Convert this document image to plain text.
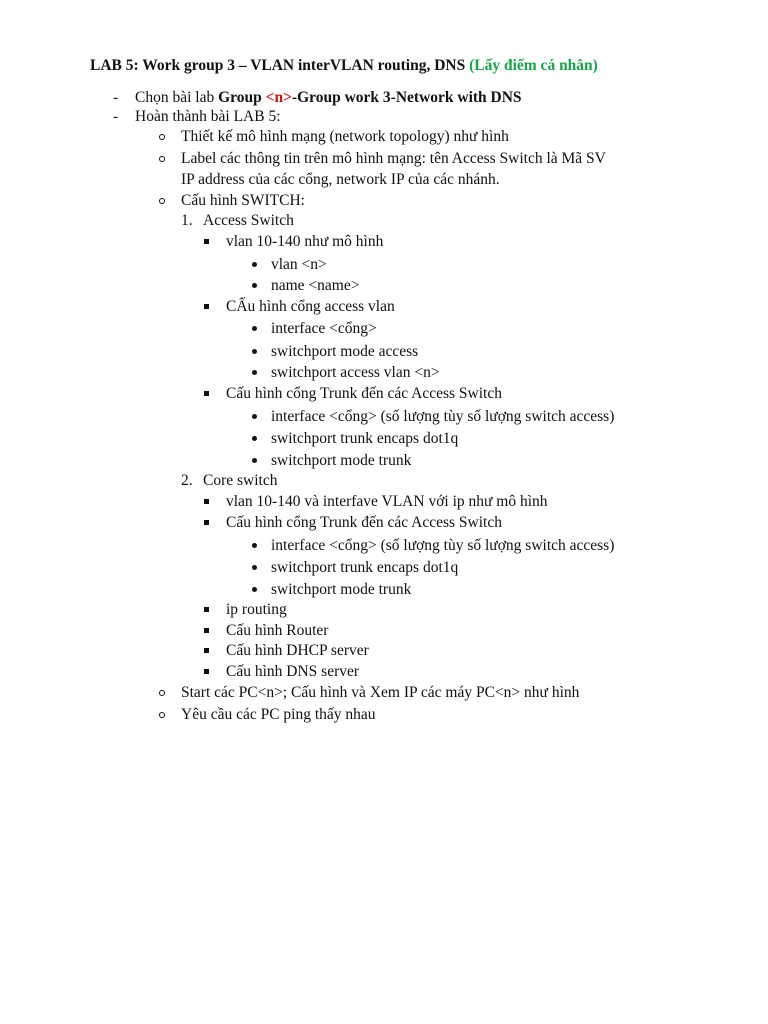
LAB 5: Work group 3 – VLAN interVLAN routing, DNS (Lấy điểm cá nhân)
- Chọn bài lab Group <n>-Group work 3-Network with DNS
- Hoàn thành bài LAB 5:
Thiết kế mô hình mạng (network topology) như hình
Label các thông tin trên mô hình mạng: tên Access Switch là Mã SV
IP address của các cổng, network IP của các nhánh.
Cấu hình SWITCH:
1. Access Switch
vlan 10-140 như mô hình
vlan <n>
name <name>
CẤu hình cổng access vlan
interface <cổng>
switchport mode access
switchport access vlan <n>
Cấu hình cổng Trunk đến các Access Switch
interface <cổng> (số lượng tùy số lượng switch access)
switchport trunk encaps dot1q
switchport mode trunk
2. Core switch
vlan 10-140 và interfave VLAN với ip như mô hình
Cấu hình cổng Trunk đến các Access Switch
interface <cổng> (số lượng tùy số lượng switch access)
switchport trunk encaps dot1q
switchport mode trunk
ip routing
Cấu hình Router
Cấu hình DHCP server
Cấu hình DNS server
Start các PC<n>; Cấu hình và Xem IP các máy PC<n> như hình
Yêu cầu các PC ping thấy nhau
